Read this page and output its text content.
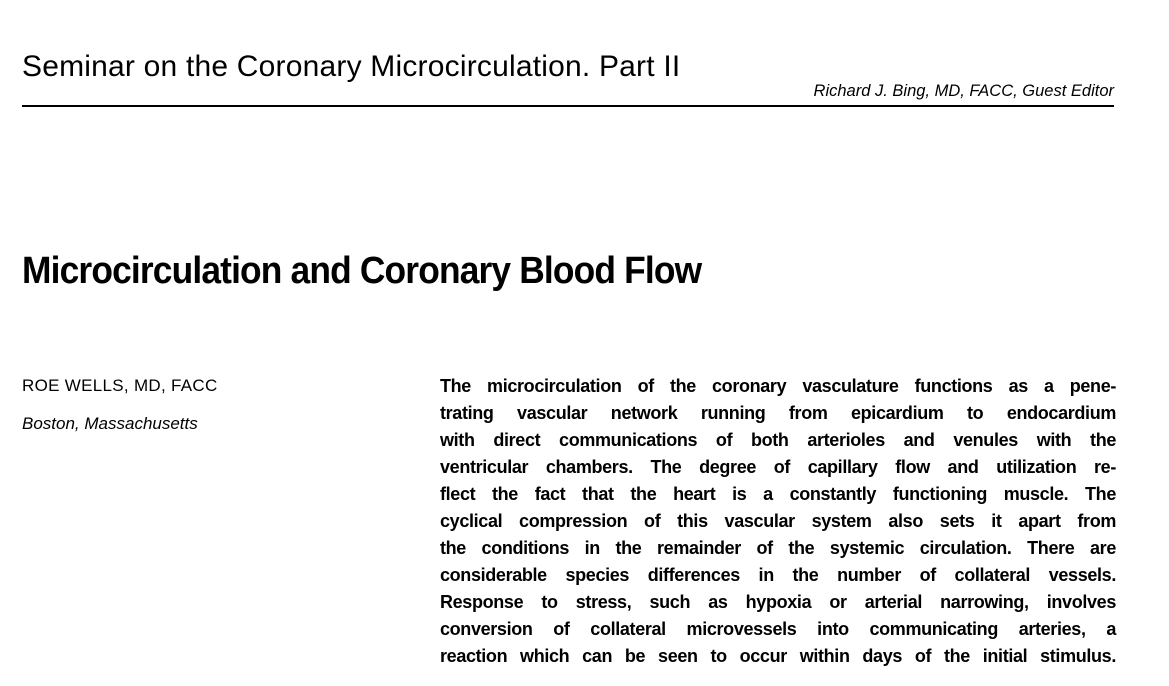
Seminar on the Coronary Microcirculation. Part II
Richard J. Bing, MD, FACC, Guest Editor
Microcirculation and Coronary Blood Flow
ROE WELLS, MD, FACC
Boston, Massachusetts
The microcirculation of the coronary vasculature functions as a pene-
trating vascular network running from epicardium to endocardium
with direct communications of both arterioles and venules with the
ventricular chambers. The degree of capillary flow and utilization re-
flect the fact that the heart is a constantly functioning muscle. The
cyclical compression of this vascular system also sets it apart from
the conditions in the remainder of the systemic circulation. There are
considerable species differences in the number of collateral vessels.
Response to stress, such as hypoxia or arterial narrowing, involves
conversion of collateral microvessels into communicating arteries, a
reaction which can be seen to occur within days of the initial stimulus.
